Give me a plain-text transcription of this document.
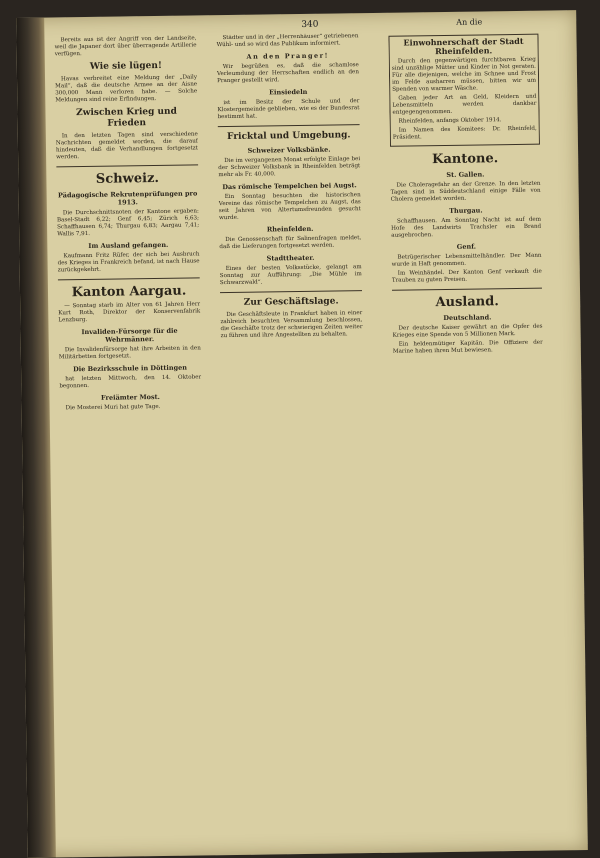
340	An die

Bereits aus ist der Angriff von der Landseite, weil die Japaner dort über überragende Artillerie verfügen.

Wie sie lügen!

Havas verbreitet eine Meldung der „Daily Mail“, daß die deutsche Armee an der Aisne 300,000 Mann verloren habe. — Solche Meldungen sind reine Erfindungen.

Zwischen Krieg und Frieden

In den letzten Tagen sind verschiedene Nachrichten gemeldet worden, die darauf hindeuten, daß die Verhandlungen fortgesetzt werden.

Schweiz.
Pädagogische Rekrutenprüfungen pro 1913.

Die Durchschnittsnoten der Kantone ergaben: Basel-Stadt 6,22; Genf 6,45; Zürich 6,63; Schaffhausen 6,74; Thurgau 6,83; Aargau 7,41; Wallis 7,91.

Im Ausland gefangen.

Kaufmann Fritz Rüfer, der sich bei Ausbruch des Krieges in Frankreich befand, ist nach Hause zurückgekehrt.

Kanton Aargau.

— Sonntag starb im Alter von 61 Jahren Herr Kurt Roth, Direktor der Konservenfabrik Lenzburg.

Invaliden-Fürsorge für die Wehrmänner.

Die Invalidenfürsorge hat ihre Arbeiten in den Militärbetten fortgesetzt.

Die Bezirksschule in Döttingen

hat letzten Mittwoch, den 14. Oktober begonnen.

Freiämter Most.

Die Mosterei Muri hat gute Tage.

Städter und in der „Herrenhäuser“ getriebenen Wühl- und so wird das Publikum informiert.

An den Pranger!

Wir begrüßen es, daß die schamlose Verleumdung der Herrschaften endlich an den Pranger gestellt wird.

Einsiedeln

ist im Besitz der Schule und der Klostergemeinde geblieben, wie es der Bundesrat bestimmt hat.

Fricktal und Umgebung.
Schweizer Volksbänke.

Die im vergangenen Monat erfolgte Einlage bei der Schweizer Volksbank in Rheinfelden beträgt mehr als Fr. 40,000.

Das römische Tempelchen bei Augst.

Ein Sonntag besuchten die historischen Vereine das römische Tempelchen zu Augst, das seit Jahren von Altertumsfreunden gesucht wurde.

Rheinfelden.

Die Genossenschaft für Salinenfragen meldet, daß die Lieferungen fortgesetzt werden.

Stadttheater.

Eines der besten Volksstücke, gelangt am Sonntag zur Aufführung: „Die Mühle im Schwarzwald“.

Zur Geschäftslage.

Die Geschäftsleute in Frankfurt haben in einer zahlreich besuchten Versammlung beschlossen, die Geschäfte trotz der schwierigen Zeiten weiter zu führen und ihre Angestellten zu behalten.

Einwohnerschaft der Stadt Rheinfelden.

Durch den gegenwärtigen furchtbaren Krieg sind unzählige Mütter und Kinder in Not geraten. Für alle diejenigen, welche im Schnee und Frost im Felde ausharren müssen, bitten wir um Spenden von warmer Wäsche.

Gaben jeder Art an Geld, Kleidern und Lebensmitteln werden dankbar entgegengenommen.

Rheinfelden, anfangs Oktober 1914.

Im Namen des Komitees: Dr. Rheinfeld, Präsident.

Kantone.
St. Gallen.

Die Choleragefahr an der Grenze. In den letzten Tagen sind in Süddeutschland einige Fälle von Cholera gemeldet worden.

Thurgau.

Schaffhausen. Am Sonntag Nacht ist auf dem Hofe des Landwirts Trachsler ein Brand ausgebrochen.

Genf.

Betrügerischer Lebensmittelhändler. Der Mann wurde in Haft genommen.

Im Weinhändel. Der Kanton Genf verkauft die Trauben zu guten Preisen.

Ausland.
Deutschland.

Der deutsche Kaiser gewährt an die Opfer des Krieges eine Spende von 5 Millionen Mark.

Ein heldenmütiger Kapitän. Die Offiziere der Marine haben ihren Mut bewiesen.
